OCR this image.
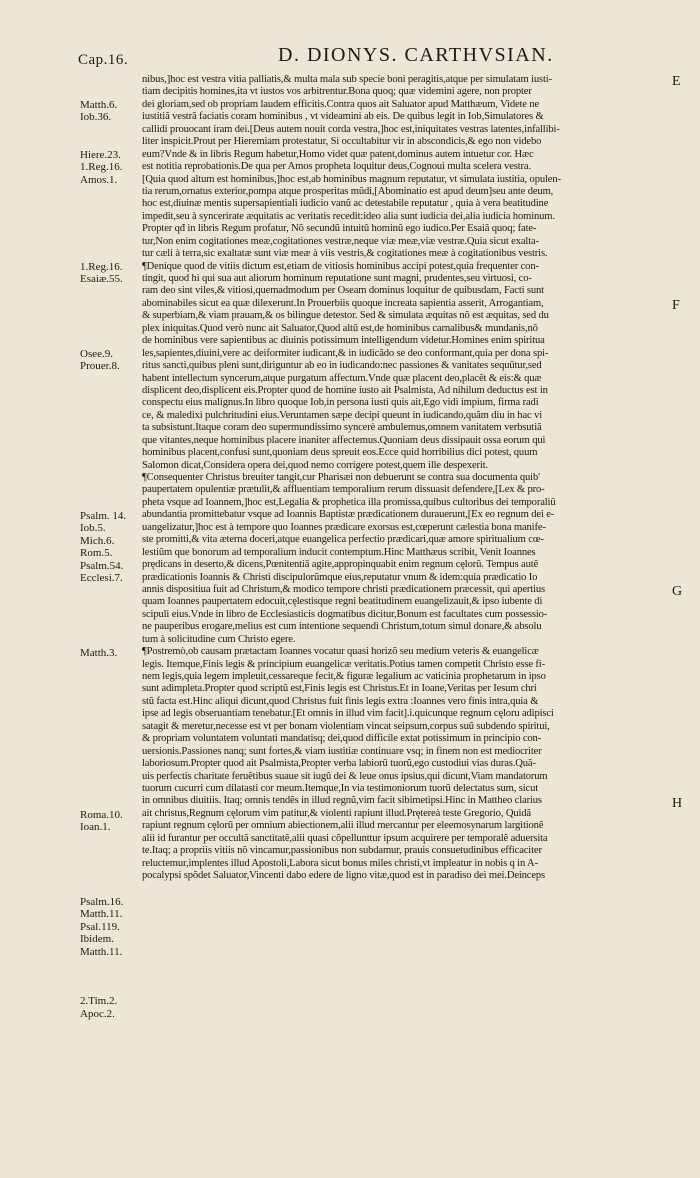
Cap.16.	D. DIONYS. CARTHVSIAN.
Matth.6.
Iob.36.
Hiere.23.
1.Reg.16.
Amos.1.
1.Reg.16.
Esaiæ.55.
Osee.9.
Prouer.8.
Psalm. 14.
Iob.5.
Mich.6.
Rom.5.
Psalm.54.
Ecclesi.7.
Matth.3.
Roma.10.
Ioan.1.
Psalm.16.
Matth.11.
Psal.119.
Ibidem.
Matth.11.
2.Tim.2.
Apoc.2.
nibus,]hoc est vestra vitia palliatis,& multa mala sub specie boni peragitis,atque per simulatam iusti-
tiam decipitis homines,ita vt iustos vos arbitrentur.Bona quoq; quæ videmini agere, non propter
dei gloriam,sed ob propriam laudem efficitis.Contra quos ait Saluator apud Matthæum, Videte ne
iustitiã vestrã faciatis coram hominibus , vt videamini ab eis. De quibus legit in Iob,Simulatores &
callidi prouocant iram dei.[Deus autem nouit corda vestra,]hoc est,iniquitates vestras latentes,infallibi-
liter inspicit.Prout per Hieremiam protestatur, Si occultabitur vir in abscondicis,& ego non videbo
eum?Vnde & in libris Regum habetur,Homo videt quæ patent,dominus autem intuetur cor. Hæc
est notitia reprobationis.De qua per Amos propheta loquitur deus,Cognoui multa scelera vestra.
[Quia quod altum est hominibus,]hoc est,ab hominibus magnum reputatur, vt simulata iustitia, opulen-
tia rerum,ornatus exterior,pompa atque prosperitas mũdi,[Abominatio est apud deum]seu ante deum,
hoc est,diuinæ mentis supersapientiali iudicio vanũ ac detestabile reputatur , quia à vera beatitudine
impedit,seu à syncerirate æquitatis ac veritatis recedit:ideo alia sunt iudicia dei,alia iudicia hominum.
Propter qđ in libris Regum profatur, Nõ secundũ intuitũ hominũ ego iudico.Per Esaiã quoq; fate-
tur,Non enim cogitationes meæ,cogitationes vestræ,neque viæ meæ,viæ vestræ.Quia sicut exalta-
tur cæli à terra,sic exaltatæ sunt viæ meæ à viis vestris,& cogitationes meæ à cogitationibus vestris.
¶Denique quod de vitiis dictum est,etiam de vitiosis hominibus accipi potest,quia frequenter con-
tingit, quod hi qui sua aut aliorum hominum reputatione sunt magni, prudentes,seu virtuosi, co-
ram deo sint viles,& vitiosi,quemadmodum per Oseam dominus loquitur de quibusdam, Facti sunt
abominabiles sicut ea quæ dilexerunt.In Prouerbiis quoque increata sapientia asserit, Arrogantiam,
& superbiam,& viam prauam,& os bilingue detestor. Sed & simulata æquitas nõ est æquitas, sed du
plex iniquitas.Quod verò nunc ait Saluator,Quod altũ est,de hominibus carnalibus& mundanis,nõ
de hominibus vere sapientibus ac diuinis potissimum intelligendum videtur.Homines enim spiritua
les,sapientes,diuini,vere ac deiformiter iudicant,& in iudicãdo se deo conformant,quia per dona spi-
ritus sancti,quibus pleni sunt,diriguntur ab eo in iudicando:nec passiones & vanitates sequũtur,sed
habent intellectum syncerum,atque purgatum affectum.Vnde quæ placent deo,placẽt & eis:& quæ
displicent deo,displicent eis.Propter quod de homine iusto ait Psalmista, Ad nihilum deductus est in
conspectu eius malignus.In libro quoque Iob,in persona iusti quis ait,Ego vidi impium, firma radi
ce, & maledixi pulchritudini eius.Veruntamen sæpe decipi queunt in iudicando,quãm diu in hac vi
ta subsistunt.Itaque coram deo supermundissimo syncerè ambulemus,omnem vanitatem verbsutiã
que vitantes,neque hominibus placere inaniter affectemus.Quoniam deus dissipauit ossa eorum qui
hominibus placent,confusi sunt,quoniam deus spreuit eos.Ecce quid horribilius dici potest, quum
Salomon dicat,Considera opera dei,quod nemo corrigere potest,quem ille despexerit.
¶Consequenter Christus breuiter tangit,cur Pharisæi non debuerunt se contra sua documenta quib'
paupertatem opulentiæ prætulit,& affluentiam temporalium rerum dissuasit defendere,[Lex & pro-
pheta vsque ad Ioannem,]hoc est,Legalia & prophetica illa promissa,quibus cultoribus dei temporaliũ
abundantia promittebatur vsque ad Ioannis Baptistæ prædicationem durauerunt,[Ex eo regnum dei e-
uangelizatur,]hoc est à tempore quo Ioannes prædicare exorsus est,cœperunt cælestia bona manife-
ste promitti,& vita æterna doceri,atque euangelica perfectio prædicari,quæ amore spiritualium cœ-
lestiũm que bonorum ad temporalium inducit contemptum.Hinc Matthæus scribit, Venit Ioannes
prędicans in deserto,& dicens,Pœnitentiã agite,appropinquabit enim regnum cęlorũ. Tempus autẽ
prædicationis Ioannis & Christi discipulorũmque eius,reputatur vnum & idem:quia prædicatio Io
annis dispositiua fuit ad Christum,& modico tempore christi prædicationem præcessit, qui apertius
quam Ioannes paupertatem edocuit,cęlestisque regni beatitudinem euangelizauit,& ipso iubente di
scipuli eius.Vnde in libro de Ecclesiasticis dogmatibus dicitur,Bonum est facultates cum possessio-
ne pauperibus erogare,melius est cum intentione sequendi Christum,totum simul donare,& absolu
tum à solicitudine cum Christo egere.
¶Postremò,ob causam prætactam Ioannes vocatur quasi horizõ seu medium veteris & euangelicæ
legis. Itemque,Finis legis & principium euangelicæ veritatis.Potius tamen competit Christo esse fi-
nem legis,quia legem impleuit,cessareque fecit,& figuræ legalium ac vaticinia prophetarum in ipso
sunt adimpleta.Propter quod scriptũ est,Finis legis est Christus.Et in Ioane,Veritas per Iesum chri
stũ facta est.Hinc aliqui dicunt,quod Christus fuit finis legis extra :Ioannes vero finis intra,quia &
ipse ad legis obseruantiam tenebatur.[Et omnis in illud vim facit].i.quicunque regnum cęloru adipisci
satagit & meretur,necesse est vt per bonam violentiam vincat seipsum,corpus suũ subdendo spiritui,
& propriam voluntatem voluntati mandatisq; dei,quod difficile extat potissimum in principio con-
uersionis.Passiones nanq; sunt fortes,& viam iustitiæ continuare vsq; in finem non est mediocriter
laboriosum.Propter quod ait Psalmista,Propter verba labiorũ tuorũ,ego custodiui vias duras.Quã-
uis perfectis charitate feruẽtibus suaue sit iugũ dei & leue onus ipsius,qui dicunt,Viam mandatorum
tuorum cucurri cum dilatasti cor meum.Itemque,In via testimoniorum tuorũ delectatus sum, sicut
in omnibus diuitiis. Itaq; omnis tendẽs in illud regnũ,vim facit sibimetipsi.Hinc in Mattheo clarius
ait christus,Regnum cęlorum vim patitur,& violenti rapiunt illud.Prętereà teste Gregorio, Quidã
rapiunt regnum cęlorũ per omnium abiectionem,alii illud mercantur per eleemosynarum largitionẽ
alii id furantur per occultã sanctitatẽ,alii quasi cõpellunttur ipsum acquirere per temporalẽ aduersita
te.Itaq; a propriis vitiis nõ vincamur,passionibus non subdamur, prauis consuetudinibus efficaciter
reluctemur,implentes illud Apostoli,Labora sicut bonus miles christi,vt impleatur in nobis q in A-
pocalypsi spõdet Saluator,Vincenti dabo edere de ligno vitæ,quod est in paradiso dei mei.Deinceps
E
F
G
H
